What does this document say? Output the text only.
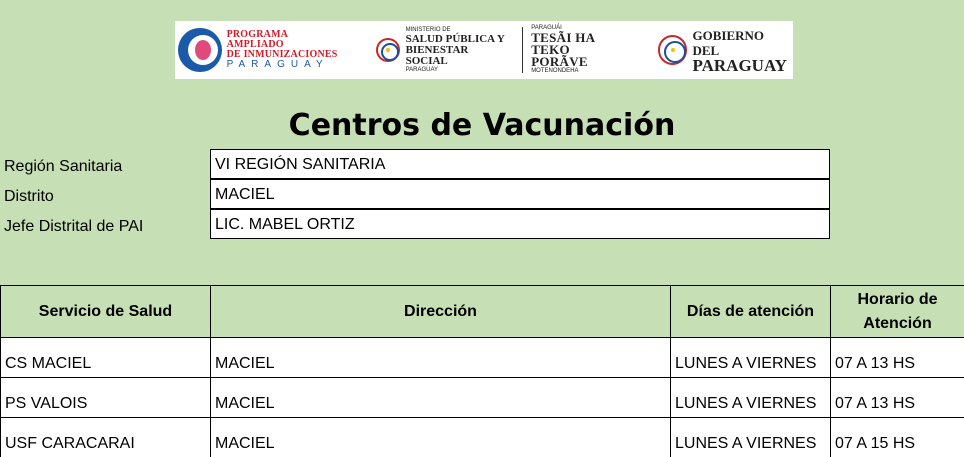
PROGRAMA AMPLIADO
DE INMUNIZACIONES
PARAGUAY
MINISTERIO DE
SALUD PÚBLICA Y
BIENESTAR SOCIAL
PARAGUAY
PARAGUÁI
TESÃI HA TEKO
PORÃVE
MOTENONDEHA
GOBIERNO DEL
PARAGUAY
Centros de Vacunación
Región Sanitaria	VI REGIÓN SANITARIA
Distrito	MACIEL
Jefe Distrital de PAI	LIC. MABEL ORTIZ
Servicio de Salud	Dirección	Días de atención	Horario de Atención
CS MACIEL	MACIEL	LUNES A VIERNES	07 A 13 HS
PS VALOIS	MACIEL	LUNES A VIERNES	07 A 13 HS
USF CARACARAI	MACIEL	LUNES A VIERNES	07 A 15 HS
